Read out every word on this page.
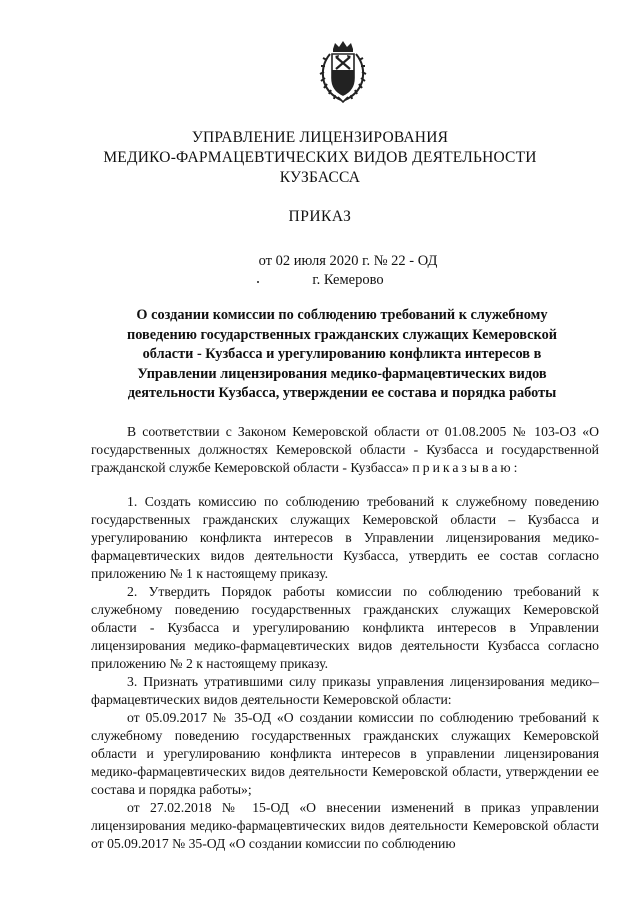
УПРАВЛЕНИЕ ЛИЦЕНЗИРОВАНИЯ
МЕДИКО-ФАРМАЦЕВТИЧЕСКИХ ВИДОВ ДЕЯТЕЛЬНОСТИ
КУЗБАССА
ПРИКАЗ
от 02 июля 2020 г. № 22 - ОД
г. Кемерово
О создании комиссии по соблюдению требований к служебному
поведению государственных гражданских служащих Кемеровской
области - Кузбасса и урегулированию конфликта интересов в
Управлении лицензирования медико-фармацевтических видов
деятельности Кузбасса, утверждении ее состава и порядка работы

В соответствии с Законом Кемеровской области от 01.08.2005 № 103-ОЗ «О государственных должностях Кемеровской области - Кузбасса и государственной гражданской службе Кемеровской области - Кузбасса» приказываю:

1. Создать комиссию по соблюдению требований к служебному поведению государственных гражданских служащих Кемеровской области – Кузбасса и урегулированию конфликта интересов в Управлении лицензирования медико-фармацевтических видов деятельности Кузбасса, утвердить ее состав согласно приложению № 1 к настоящему приказу.

2. Утвердить Порядок работы комиссии по соблюдению требований к служебному поведению государственных гражданских служащих Кемеровской области - Кузбасса и урегулированию конфликта интересов в Управлении лицензирования медико-фармацевтических видов деятельности Кузбасса согласно приложению № 2 к настоящему приказу.

3. Признать утратившими силу приказы управления лицензирования медико–фармацевтических видов деятельности Кемеровской области:

от 05.09.2017 № 35-ОД «О создании комиссии по соблюдению требований к служебному поведению государственных гражданских служащих Кемеровской области и урегулированию конфликта интересов в управлении лицензирования медико-фармацевтических видов деятельности Кемеровской области, утверждении ее состава и порядка работы»;

от 27.02.2018 № 15-ОД «О внесении изменений в приказ управлении лицензирования медико-фармацевтических видов деятельности Кемеровской области от 05.09.2017 № 35-ОД «О создании комиссии по соблюдению
